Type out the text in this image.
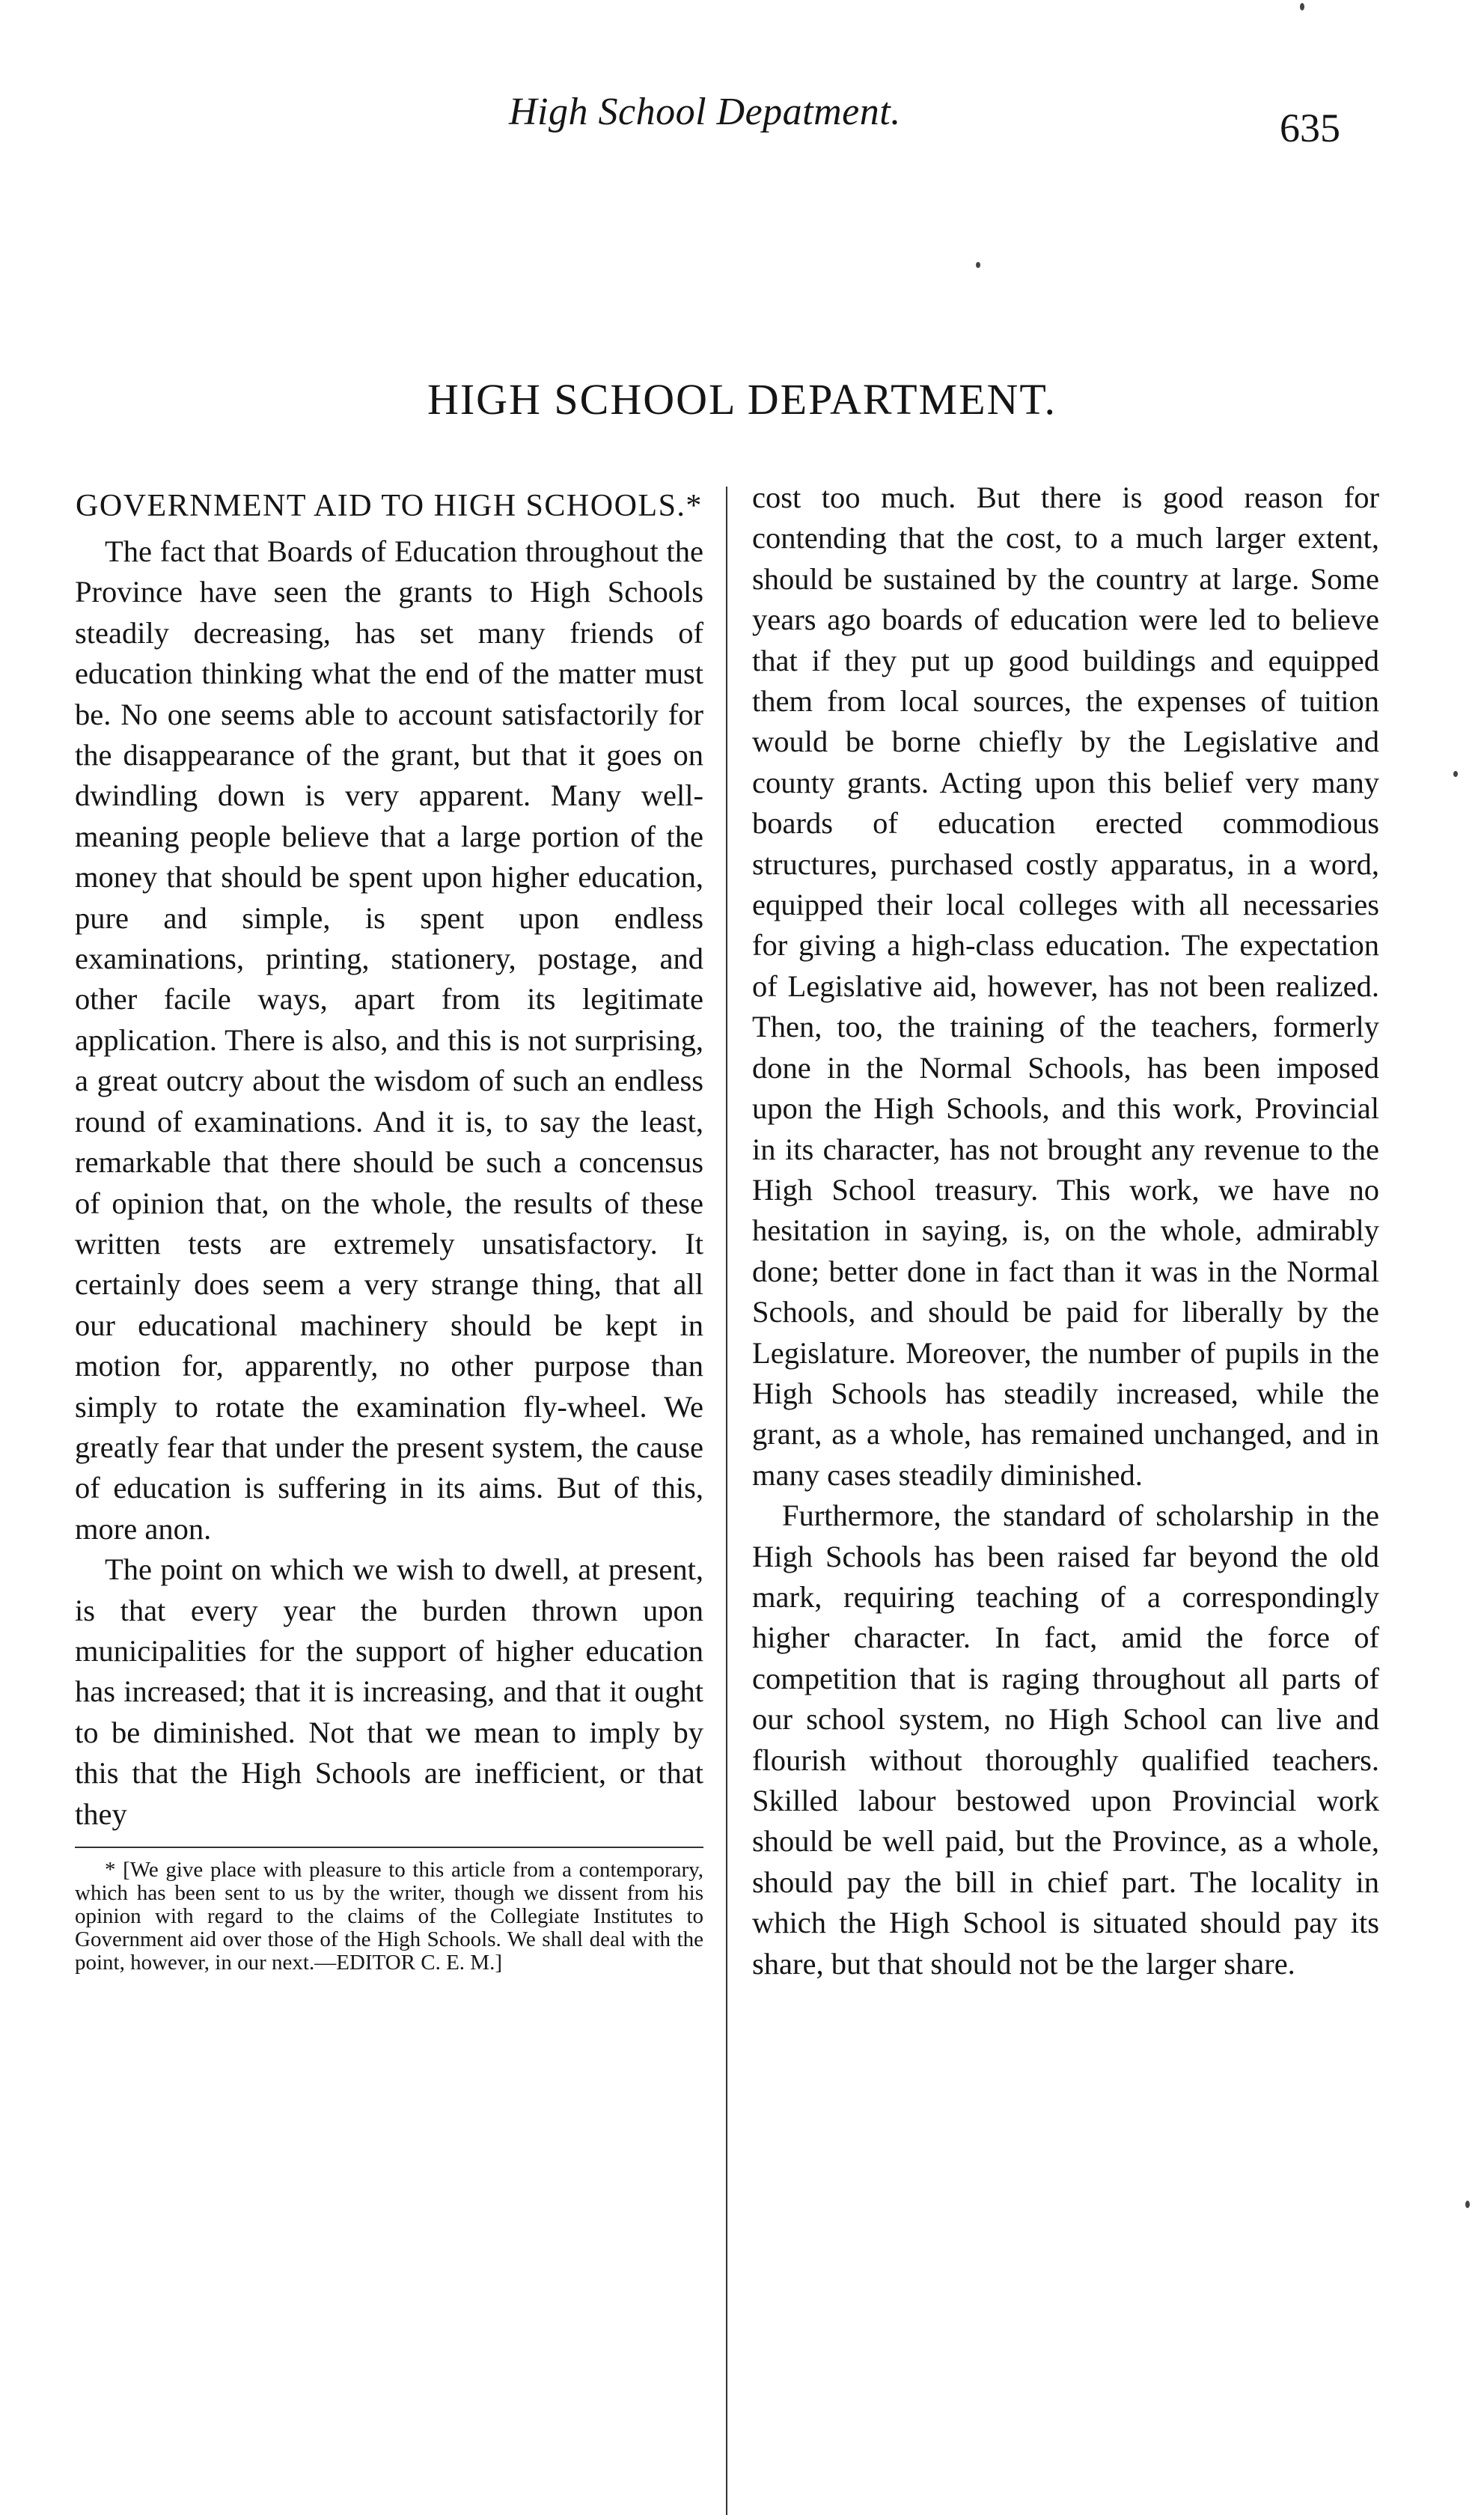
High School Depatment.	635
HIGH SCHOOL DEPARTMENT.
GOVERNMENT AID TO HIGH SCHOOLS.*

The fact that Boards of Education throughout the Province have seen the grants to High Schools steadily decreasing, has set many friends of education thinking what the end of the matter must be. No one seems able to account satisfactorily for the disappearance of the grant, but that it goes on dwindling down is very apparent. Many well-meaning people believe that a large portion of the money that should be spent upon higher education, pure and simple, is spent upon endless examinations, printing, stationery, postage, and other facile ways, apart from its legitimate application. There is also, and this is not surprising, a great outcry about the wisdom of such an endless round of examinations. And it is, to say the least, remarkable that there should be such a concensus of opinion that, on the whole, the results of these written tests are extremely unsatisfactory. It certainly does seem a very strange thing, that all our educational machinery should be kept in motion for, apparently, no other purpose than simply to rotate the examination fly-wheel. We greatly fear that under the present system, the cause of education is suffering in its aims. But of this, more anon.

The point on which we wish to dwell, at present, is that every year the burden thrown upon municipalities for the support of higher education has increased; that it is increasing, and that it ought to be diminished. Not that we mean to imply by this that the High Schools are inefficient, or that they

* [We give place with pleasure to this article from a contemporary, which has been sent to us by the writer, though we dissent from his opinion with regard to the claims of the Collegiate Institutes to Government aid over those of the High Schools. We shall deal with the point, however, in our next.—EDITOR C. E. M.]

cost too much. But there is good reason for contending that the cost, to a much larger extent, should be sustained by the country at large. Some years ago boards of education were led to believe that if they put up good buildings and equipped them from local sources, the expenses of tuition would be borne chiefly by the Legislative and county grants. Acting upon this belief very many boards of education erected commodious structures, purchased costly apparatus, in a word, equipped their local colleges with all necessaries for giving a high-class education. The expectation of Legislative aid, however, has not been realized. Then, too, the training of the teachers, formerly done in the Normal Schools, has been imposed upon the High Schools, and this work, Provincial in its character, has not brought any revenue to the High School treasury. This work, we have no hesitation in saying, is, on the whole, admirably done; better done in fact than it was in the Normal Schools, and should be paid for liberally by the Legislature. Moreover, the number of pupils in the High Schools has steadily increased, while the grant, as a whole, has remained unchanged, and in many cases steadily diminished.

Furthermore, the standard of scholarship in the High Schools has been raised far beyond the old mark, requiring teaching of a correspondingly higher character. In fact, amid the force of competition that is raging throughout all parts of our school system, no High School can live and flourish without thoroughly qualified teachers. Skilled labour bestowed upon Provincial work should be well paid, but the Province, as a whole, should pay the bill in chief part. The locality in which the High School is situated should pay its share, but that should not be the larger share.
